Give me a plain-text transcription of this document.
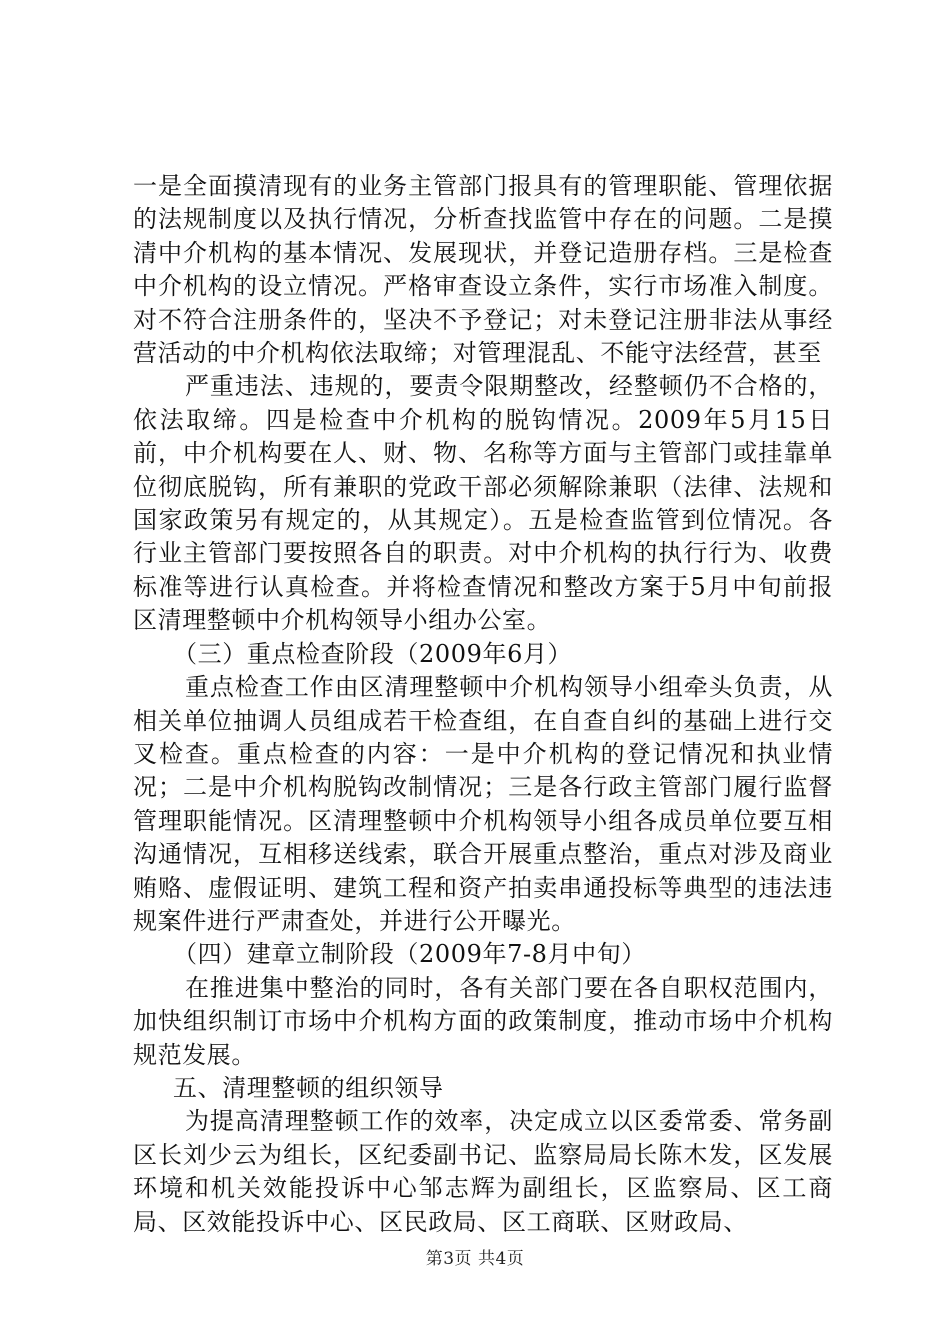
一是全面摸清现有的业务主管部门报具有的管理职能、管理依据的法规制度以及执行情况，分析查找监管中存在的问题。二是摸清中介机构的基本情况、发展现状，并登记造册存档。三是检查中介机构的设立情况。严格审查设立条件，实行市场准入制度。对不符合注册条件的，坚决不予登记；对未登记注册非法从事经营活动的中介机构依法取缔；对管理混乱、不能守法经营，甚至

严重违法、违规的，要责令限期整改，经整顿仍不合格的，依法取缔。四是检查中介机构的脱钩情况。2009年5月15日前，中介机构要在人、财、物、名称等方面与主管部门或挂靠单位彻底脱钩，所有兼职的党政干部必须解除兼职（法律、法规和国家政策另有规定的，从其规定）。五是检查监管到位情况。各行业主管部门要按照各自的职责。对中介机构的执行行为、收费标准等进行认真检查。并将检查情况和整改方案于5月中旬前报区清理整顿中介机构领导小组办公室。

（三）重点检查阶段（2009年6月）

重点检查工作由区清理整顿中介机构领导小组牵头负责，从相关单位抽调人员组成若干检查组，在自查自纠的基础上进行交叉检查。重点检查的内容：一是中介机构的登记情况和执业情况；二是中介机构脱钩改制情况；三是各行政主管部门履行监督管理职能情况。区清理整顿中介机构领导小组各成员单位要互相沟通情况，互相移送线索，联合开展重点整治，重点对涉及商业贿赂、虚假证明、建筑工程和资产拍卖串通投标等典型的违法违规案件进行严肃查处，并进行公开曝光。

（四）建章立制阶段（2009年7-8月中旬）

在推进集中整治的同时，各有关部门要在各自职权范围内，加快组织制订市场中介机构方面的政策制度，推动市场中介机构规范发展。

五、清理整顿的组织领导

为提高清理整顿工作的效率，决定成立以区委常委、常务副区长刘少云为组长，区纪委副书记、监察局局长陈木发，区发展环境和机关效能投诉中心邹志辉为副组长，区监察局、区工商局、区效能投诉中心、区民政局、区工商联、区财政局、

第3页 共4页
